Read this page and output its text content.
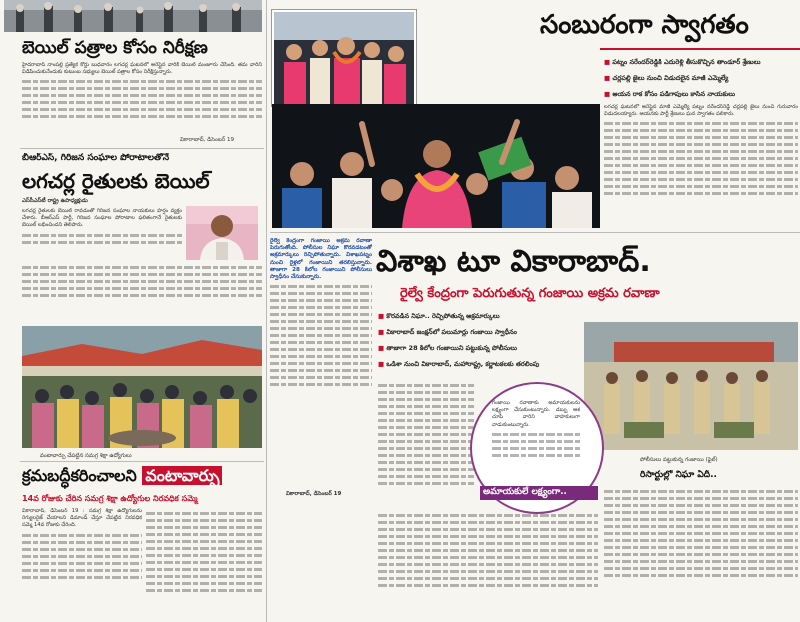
బెయిల్ పత్రాల కోసం నిరీక్షణ
హైదరాబాద్ నాంపల్లి ప్రత్యేక కోర్టు బుధవారం లగచర్ల ఘటనలో అరెస్టైన వారికి బెయిల్ మంజూరు చేసింది. తమ వారిని విడిపించుకునేందుకు కుటుంబ సభ్యులు బెయిల్ పత్రాల కోసం నిరీక్షిస్తున్నారు.
వికారాబాద్, డిసెంబర్ 19
బీఆర్ఎస్, గిరిజన సంఘాల పోరాటాలతోనే
లగచర్ల రైతులకు బెయిల్
ఎస్‌సీఎస్‌టీ రాష్ట్ర ఉపాధ్యక్షుడు
లగచర్ల రైతులకు బెయిల్ రావడంతో గిరిజన సంఘాల నాయకులు హర్షం వ్యక్తం చేశారు. బీఆర్ఎస్ పార్టీ, గిరిజన సంఘాల పోరాటాల ఫలితంగానే రైతులకు బెయిల్ లభించిందని తెలిపారు.
వంటావార్పు చేపట్టిన సమగ్ర శిక్షా ఉద్యోగులు
క్రమబద్ధీకరించాలని వంటావార్పు
14వ రోజుకు చేరిన సమగ్ర శిక్షా ఉద్యోగుల నిరవధిక సమ్మె
వికారాబాద్, డిసెంబర్ 19 : సమగ్ర శిక్షా ఉద్యోగులను రెగ్యులరైజ్ చేయాలని డిమాండ్ చేస్తూ చేపట్టిన నిరవధిక సమ్మె 14వ రోజుకు చేరింది.
సంబురంగా స్వాగతం
■ పట్నం నరేందర్‌రెడ్డికి ఎదురెళ్లి తీసుకొచ్చిన తాండూర్ శ్రేణులు
■ చర్లపల్లి జైలు నుంచి విడుదలైన మాజీ ఎమ్మెల్యే
■ ఆయన రాక కోసం పడిగాపులు కాసిన నాయకులు
లగచర్ల ఘటనలో అరెస్టైన మాజీ ఎమ్మెల్యే పట్నం నరేందర్‌రెడ్డి చర్లపల్లి జైలు నుంచి గురువారం విడుదలయ్యారు. ఆయనకు పార్టీ శ్రేణులు ఘన స్వాగతం పలికారు.
రైల్వే కేంద్రంగా గంజాయి అక్రమ రవాణా పెరుగుతోంది. పోలీసుల నిఘా కొరవడటంతో అక్రమార్కులు రెచ్చిపోతున్నారు. విశాఖపట్నం నుంచి రైళ్లలో గంజాయిని తరలిస్తున్నారు. తాజాగా 28 కిలోల గంజాయిని పోలీసులు స్వాధీనం చేసుకున్నారు.
వికారాబాద్, డిసెంబర్ 19
విశాఖ టూ వికారాబాద్.
రైల్వే కేంద్రంగా పెరుగుతున్న గంజాయి అక్రమ రవాణా
■ కొరవడిన నిఘా.. రెచ్చిపోతున్న అక్రమార్కులు
■ వికారాబాద్ జంక్షన్‌లో పలుమార్లు గంజాయి స్వాధీనం
■ తాజాగా 28 కిలోల గంజాయిని పట్టుకున్న పోలీసులు
■ ఒడిశా నుంచి వికారాబాద్, మహారాష్ట్ర, కర్ణాటకలకు తరలింపు
పోలీసులు పట్టుకున్న గంజాయి (ఫైల్)
గంజాయి రవాణాకు అమాయకులను లక్ష్యంగా చేసుకుంటున్నారు. డబ్బు ఆశ చూపి వారిని వాహకులుగా వాడుకుంటున్నారు.
అమాయకులే లక్ష్యంగా..
రిసార్టుల్లో నిఘా ఏదీ..
